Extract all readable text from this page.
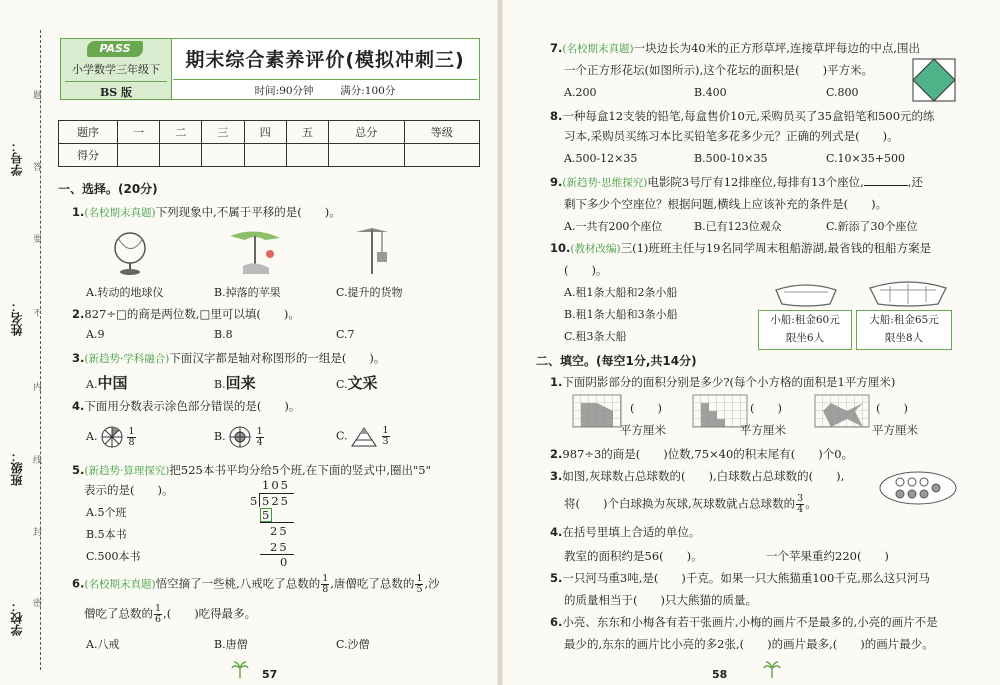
学号：
姓名：
班级：
学校： 密
封
线
内
不
要
答
题
PASS
小学数学三年级下
BS 版
期末综合素养评价(模拟冲刺三)
时间:90分钟	满分:100分
题序	一	二	三	四	五	总分	等级
得分							
一、选择。(20分)
1.(名校期末真题)下列现象中,不属于平移的是(　　)。
A.转动的地球仪	B.掉落的苹果	C.提升的货物
2.827÷□的商是两位数,□里可以填(　　)。
A.9	B.8	C.7
3.(新趋势·学科融合)下面汉字都是轴对称图形的一组是(　　)。
A.中国	B.回来	C.文采
4.下面用分数表示涂色部分错误的是(　　)。
A.	$\frac{1}{8}$	B.	$\frac{1}{4}$	C.	$\frac{1}{3}$
5.(新趋势·算理探究)把525本书平均分给5个班,在下面的竖式中,圈出"5"
表示的是(　　)。
A.5个班
B.5本书
C.500本书
105
5 525
5
25
25
0
6.(名校期末真题)悟空摘了一些桃,八戒吃了总数的 $\frac{1}{8}$ ,唐僧吃了总数的 $\frac{1}{5}$ ,沙
僧吃了总数的 $\frac{1}{6}$ ,(　　)吃得最多。
A.八戒	B.唐僧	C.沙僧
57
7.(名校期末真题)一块边长为40米的正方形草坪,连接草坪每边的中点,围出
一个正方形花坛(如图所示),这个花坛的面积是(　　)平方米。
A.200	B.400	C.800
8.一种每盒12支装的铅笔,每盒售价10元,采购员买了35盒铅笔和500元的练
习本,采购员买练习本比买铅笔多花多少元？正确的列式是(　　)。
A.500-12×35	B.500-10×35	C.10×35+500
9.(新趋势·思维探究)电影院3号厅有12排座位,每排有13个座位,	,还
剩下多少个空座位？根据问题,横线上应该补充的条件是(　　)。
A.一共有200个座位	B.已有123位观众	C.新添了30个座位
10.(教材改编)三(1)班班主任与19名同学周末租船游湖,最省钱的租船方案是
(　　)。
A.租1条大船和2条小船
B.租1条大船和3条小船
C.租3条大船
小船:租金60元
限坐6人
大船:租金65元
限坐8人
二、填空。(每空1分,共14分)
1.下面阴影部分的面积分别是多少?(每个小方格的面积是1平方厘米)
(　　)	(　　)	(　　)
平方厘米	平方厘米	平方厘米
2.987÷3的商是(　　)位数,75×40的积末尾有(　　)个0。
3.如图,灰球数占总球数的(　　),白球数占总球数的(　　),
将(　　)个白球换为灰球,灰球数就占总球数的 $\frac{3}{4}$ 。
4.在括号里填上合适的单位。
教室的面积约是56(　　)。	一个苹果重约220(　　)
5.一只河马重3吨,是(　　)千克。如果一只大熊猫重100千克,那么这只河马
的质量相当于(　　)只大熊猫的质量。
6.小亮、东东和小梅各有若干张画片,小梅的画片不是最多的,小亮的画片不是
最少的,东东的画片比小亮的多2张,(　　)的画片最多,(　　)的画片最少。
58
